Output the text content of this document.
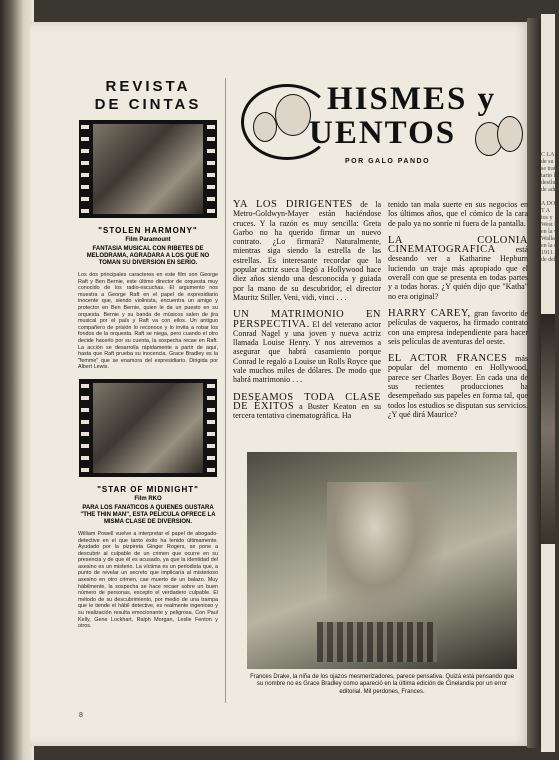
C LA
de su
se trata
tario l
desilusi
de adm

A DO
T A
tos y
West h
en la v
Wallac
en la c
1911.
de del
REVISTA
DE CINTAS
"STOLEN HARMONY"
Film Paramount
FANTASIA MUSICAL CON RIBETES DE MELODRAMA, AGRADARA A LOS QUE NO TOMAN SU DIVERSION EN SERIO.
Los dos principales caracteres en este film son George Raft y Ben Bernie, este último director de orquesta muy conocido de los radio-escuchas. El argumento nos muestra a George Raft en el papel de expresidiario inocente que, siendo violinista, encuentra un amigo y protector en Ben Bernie, quien le da un puesto en su orquesta. Bernie y su banda de músicos salen de jira musical por el país y Raft va con ellos. Un antiguo compañero de prisión lo reconoce y lo invita a robar los fondos de la orquesta. Raft se niega, pero cuando el otro decide hacerlo por su cuenta, la sospecha recae en Raft. La acción se desarrolla rápidamente a partir de aquí, hasta que Raft prueba su inocencia. Grace Bradley es la "femme" que se enamora del expresidiario. Dirigida por Albert Lewis.
"STAR OF MIDNIGHT"
Film RKO
PARA LOS FANATICOS A QUIENES GUSTARA "THE THIN MAN", ESTA PELICULA OFRECE LA MISMA CLASE DE DIVERSION.
William Powell vuelve a interpretar el papel de abogado-detective en el que tanto éxito ha tenido últimamente. Ayudado por la pizpireta Ginger Rogers, se pone a descubrir al culpable de un crimen que ocurre en su presencia y de que él es acusado, ya que la identidad del asesino es un misterio. La víctima es un periodista que, a punto de revelar un secreto que implicaría al misterioso asesino en otro crimen, cae muerto de un balazo. Muy hábilmente, la sospecha se hace recaer sobre un buen número de personas, excepto el verdadero culpable. El método de su descubrimiento, por medio de una trampa que le tiende el hábil detective, es realmente ingenioso y su realización resulta emocionante y peligrosa. Con Paul Kelly, Gene Lockhart, Ralph Morgan, Leslie Fenton y otros.
HISMES y
UENTOS
POR GALO PANDO
YA LOS DIRIGENTES de la Metro-Goldwyn-Mayer están haciéndose cruces. Y la razón es muy sencilla: Greta Garbo no ha querido firmar un nuevo contrato. ¿Lo firmará? Naturalmente, mientras siga siendo la estrella de las estrellas. Es interesante recordar que la popular actriz sueca llegó a Hollywood hace diez años siendo una desconocida y guiada por la mano de su descubridor, el director Mauritz Stiller. Veni, vidi, vinci . . .
UN MATRIMONIO EN PERSPECTIVA. El del veterano actor Conrad Nagel y una joven y nueva actriz llamada Louise Henry. Y nos atrevemos a asegurar que habrá casamiento porque Conrad le regaló a Louise un Rolls Royce que vale muchos miles de dólares. De modo que habrá matrimonio . . .
DESEAMOS TODA CLASE DE ÉXITOS a Buster Keaton en su tercera tentativa cinematográfica. Ha
tenido tan mala suerte en sus negocios en los últimos años, que el cómico de la cara de palo ya no sonríe ni fuera de la pantalla.
LA COLONIA CINEMATOGRAFICA está deseando ver a Katharine Hepburn luciendo un traje más apropiado que el overall con que se presenta en todas partes y a todas horas. ¿Y quién dijo que "Katha" no era original?
HARRY CAREY, gran favorito de películas de vaqueros, ha firmado contrato con una empresa independiente para hacer seis películas de aventuras del oeste.
EL ACTOR FRANCES más popular del momento en Hollywood, parece ser Charles Boyer. En cada una de sus recientes producciones ha desempeñado sus papeles en forma tal, que todos los estudios se disputan sus servicios. ¿Y qué dirá Maurice?
Frances Drake, la niña de los ojazos mesmerizadores, parece pensativa. Quizá está pensando que su nombre no es Grace Bradley como apareció en la última edición de Cinelandia por un error editorial. Mil perdones, Frances.
8
